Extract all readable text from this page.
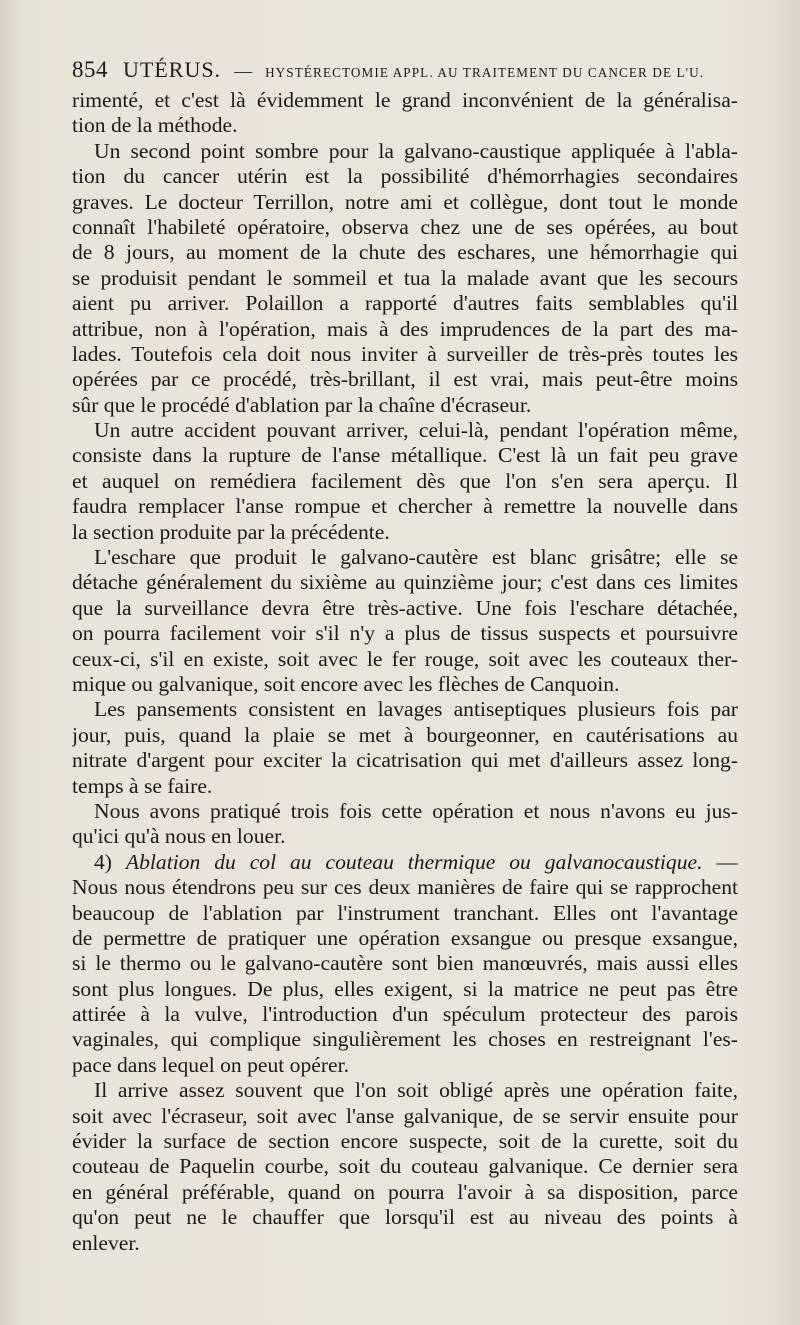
854 UTÉRUS. — HYSTÉRECTOMIE APPL. AU TRAITEMENT DU CANCER DE L'U.
rimenté, et c'est là évidemment le grand inconvénient de la généralisa-
tion de la méthode.
Un second point sombre pour la galvano-caustique appliquée à l'abla-
tion du cancer utérin est la possibilité d'hémorrhagies secondaires
graves. Le docteur Terrillon, notre ami et collègue, dont tout le monde
connaît l'habileté opératoire, observa chez une de ses opérées, au bout
de 8 jours, au moment de la chute des eschares, une hémorrhagie qui
se produisit pendant le sommeil et tua la malade avant que les secours
aient pu arriver. Polaillon a rapporté d'autres faits semblables qu'il
attribue, non à l'opération, mais à des imprudences de la part des ma-
lades. Toutefois cela doit nous inviter à surveiller de très-près toutes les
opérées par ce procédé, très-brillant, il est vrai, mais peut-être moins
sûr que le procédé d'ablation par la chaîne d'écraseur.
Un autre accident pouvant arriver, celui-là, pendant l'opération même,
consiste dans la rupture de l'anse métallique. C'est là un fait peu grave
et auquel on remédiera facilement dès que l'on s'en sera aperçu. Il
faudra remplacer l'anse rompue et chercher à remettre la nouvelle dans
la section produite par la précédente.
L'eschare que produit le galvano-cautère est blanc grisâtre; elle se
détache généralement du sixième au quinzième jour; c'est dans ces limites
que la surveillance devra être très-active. Une fois l'eschare détachée,
on pourra facilement voir s'il n'y a plus de tissus suspects et poursuivre
ceux-ci, s'il en existe, soit avec le fer rouge, soit avec les couteaux ther-
mique ou galvanique, soit encore avec les flèches de Canquoin.
Les pansements consistent en lavages antiseptiques plusieurs fois par
jour, puis, quand la plaie se met à bourgeonner, en cautérisations au
nitrate d'argent pour exciter la cicatrisation qui met d'ailleurs assez long-
temps à se faire.
Nous avons pratiqué trois fois cette opération et nous n'avons eu jus-
qu'ici qu'à nous en louer.
4) Ablation du col au couteau thermique ou galvanocaustique. —
Nous nous étendrons peu sur ces deux manières de faire qui se rapprochent
beaucoup de l'ablation par l'instrument tranchant. Elles ont l'avantage
de permettre de pratiquer une opération exsangue ou presque exsangue,
si le thermo ou le galvano-cautère sont bien manœuvrés, mais aussi elles
sont plus longues. De plus, elles exigent, si la matrice ne peut pas être
attirée à la vulve, l'introduction d'un spéculum protecteur des parois
vaginales, qui complique singulièrement les choses en restreignant l'es-
pace dans lequel on peut opérer.
Il arrive assez souvent que l'on soit obligé après une opération faite,
soit avec l'écraseur, soit avec l'anse galvanique, de se servir ensuite pour
évider la surface de section encore suspecte, soit de la curette, soit du
couteau de Paquelin courbe, soit du couteau galvanique. Ce dernier sera
en général préférable, quand on pourra l'avoir à sa disposition, parce
qu'on peut ne le chauffer que lorsqu'il est au niveau des points à
enlever.
